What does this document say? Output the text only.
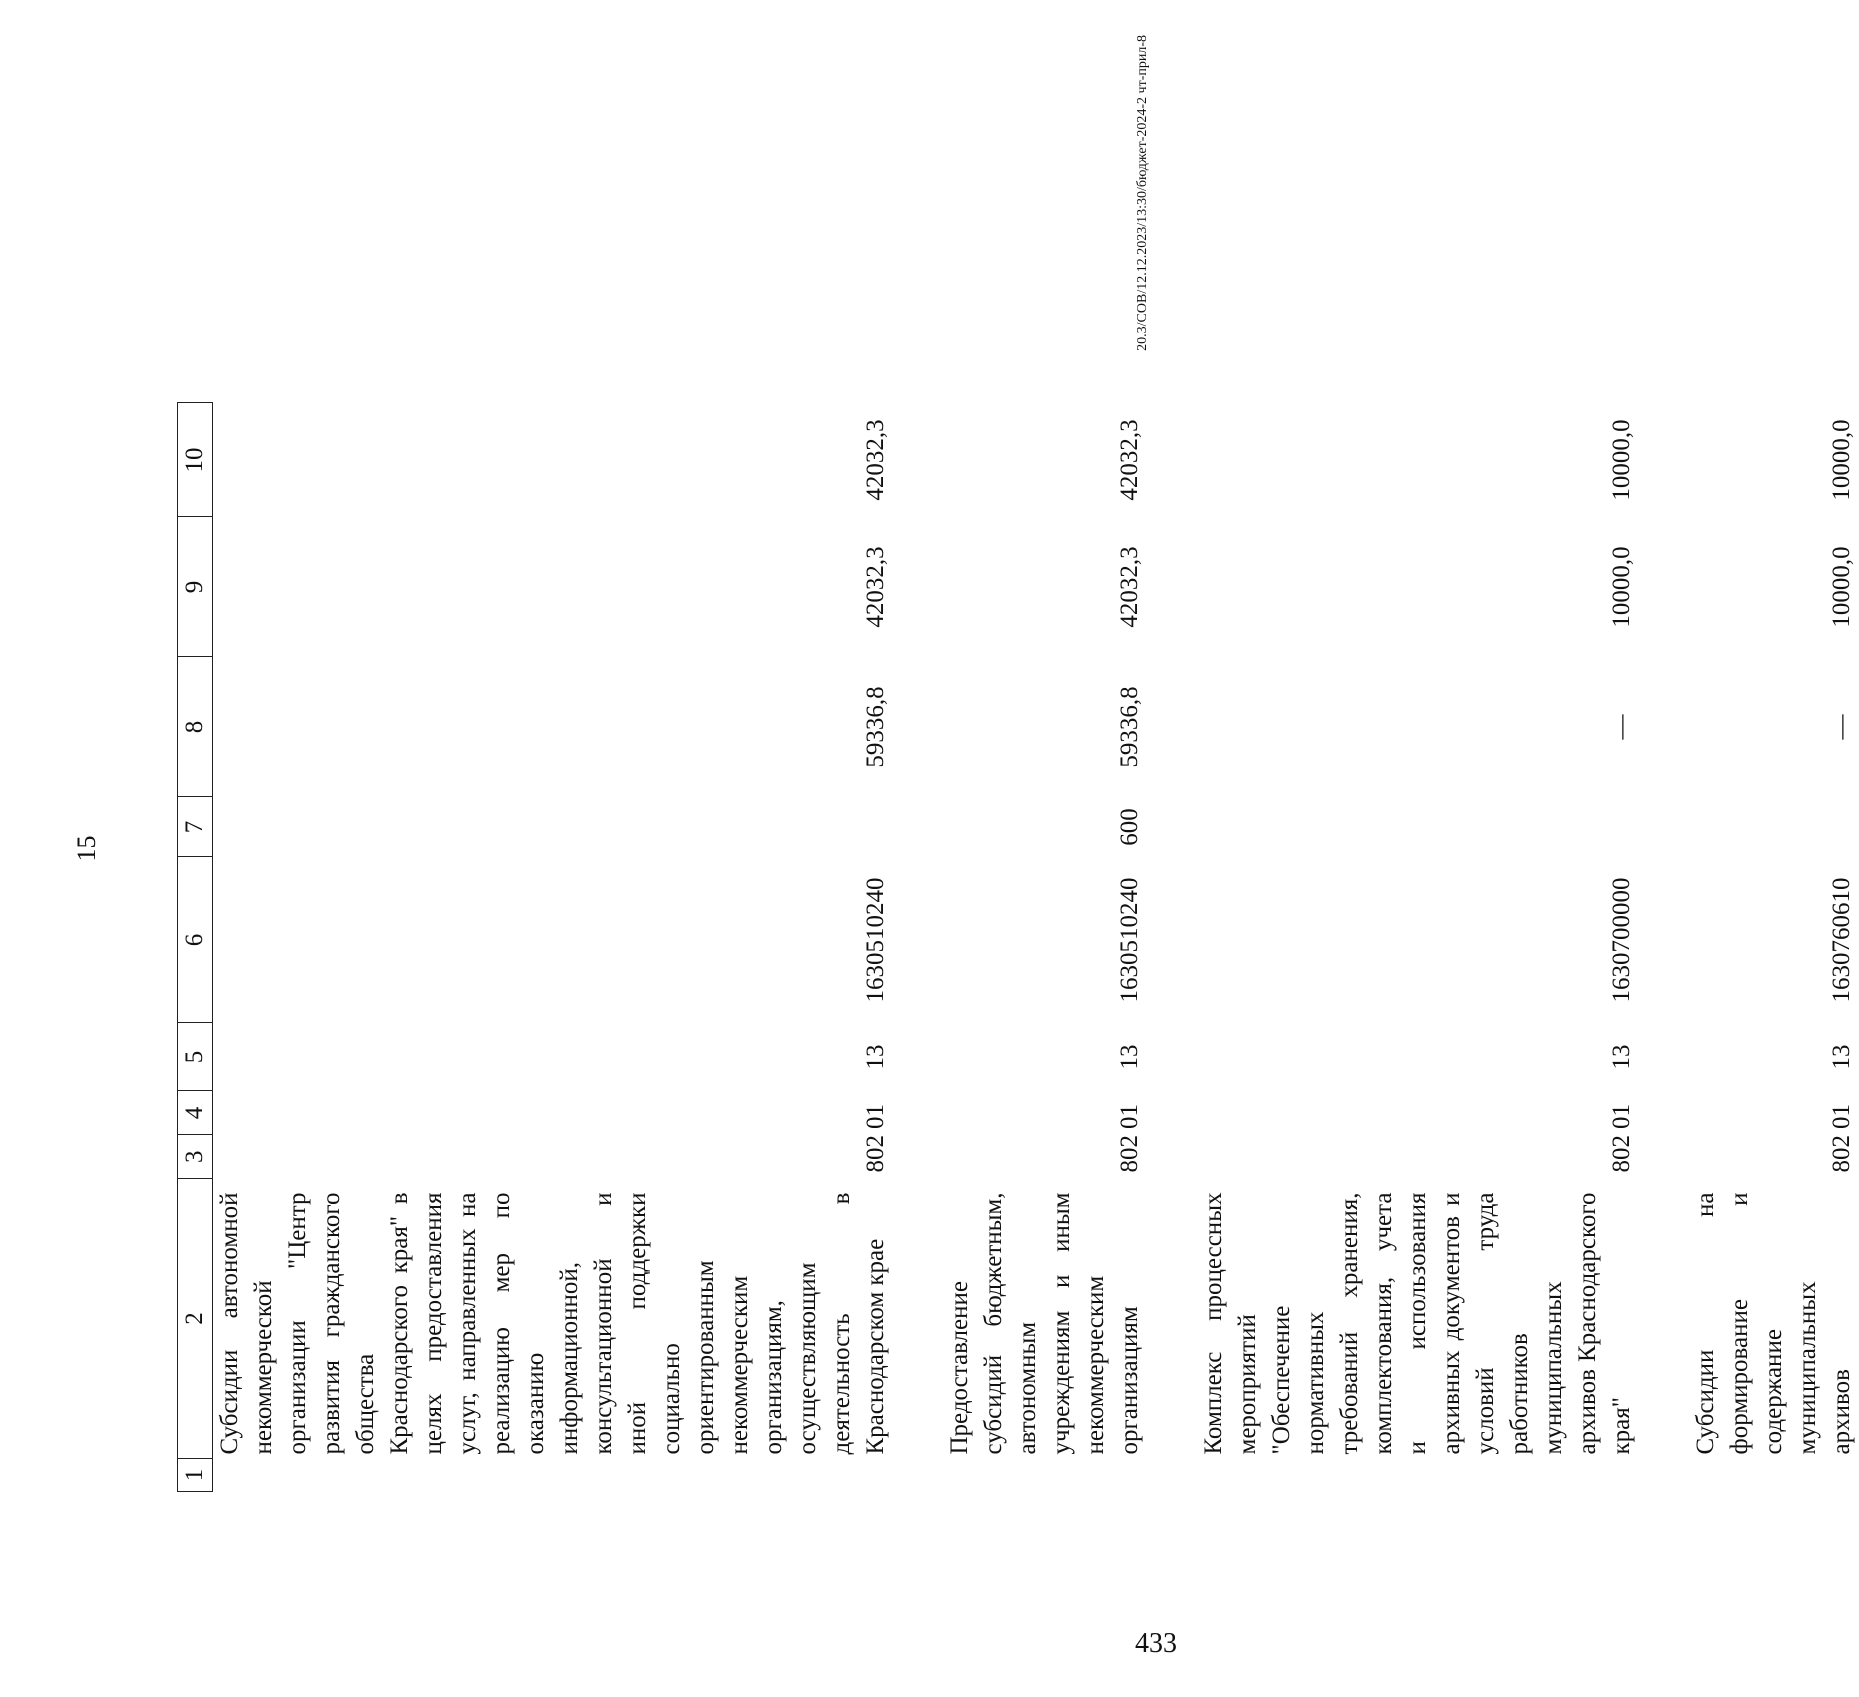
15
1	2	3	4	5	6	7	8	9	10
	Субсидии автономной некоммерческой организации "Центр развития гражданского общества Краснодарского края" в целях предоставления услуг, направленных на реализацию мер по оказанию информационной, консультационной и иной поддержки социально ориентированным некоммерческим организациям, осуществляющим деятельность в Краснодарском крае	802	01	13	1630510240		59336,8	42032,3	42032,3

	Предоставление субсидий бюджетным, автономным учреждениям и иным некоммерческим организациям	802	01	13	1630510240	600	59336,8	42032,3	42032,3

	Комплекс процессных мероприятий "Обеспечение нормативных требований хранения, комплектования, учета и использования архивных документов и условий труда работников муниципальных архивов Краснодарского края"	802	01	13	1630700000		—	10000,0	10000,0

	Субсидии на формирование и содержание муниципальных архивов	802	01	13	1630760610		—	10000,0	10000,0
20.3/СОВ/12.12.2023/13:30/бюджет-2024-2 чт-прил-8
433
